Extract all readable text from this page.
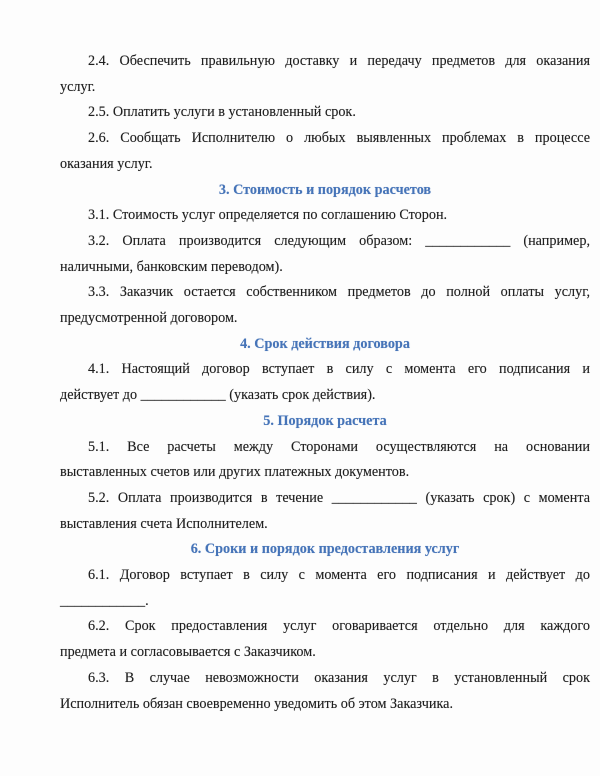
2.4. Обеспечить правильную доставку и передачу предметов для оказания
услуг.
2.5. Оплатить услуги в установленный срок.
2.6. Сообщать Исполнителю о любых выявленных проблемах в процессе
оказания услуг.
3. Стоимость и порядок расчетов
3.1. Стоимость услуг определяется по соглашению Сторон.
3.2. Оплата производится следующим образом: ____________ (например,
наличными, банковским переводом).
3.3. Заказчик остается собственником предметов до полной оплаты услуг,
предусмотренной договором.
4. Срок действия договора
4.1. Настоящий договор вступает в силу с момента его подписания и
действует до ____________ (указать срок действия).
5. Порядок расчета
5.1. Все расчеты между Сторонами осуществляются на основании
выставленных счетов или других платежных документов.
5.2. Оплата производится в течение ____________ (указать срок) с момента
выставления счета Исполнителем.
6. Сроки и порядок предоставления услуг
6.1. Договор вступает в силу с момента его подписания и действует до
____________.
6.2. Срок предоставления услуг оговаривается отдельно для каждого
предмета и согласовывается с Заказчиком.
6.3. В случае невозможности оказания услуг в установленный срок
Исполнитель обязан своевременно уведомить об этом Заказчика.
